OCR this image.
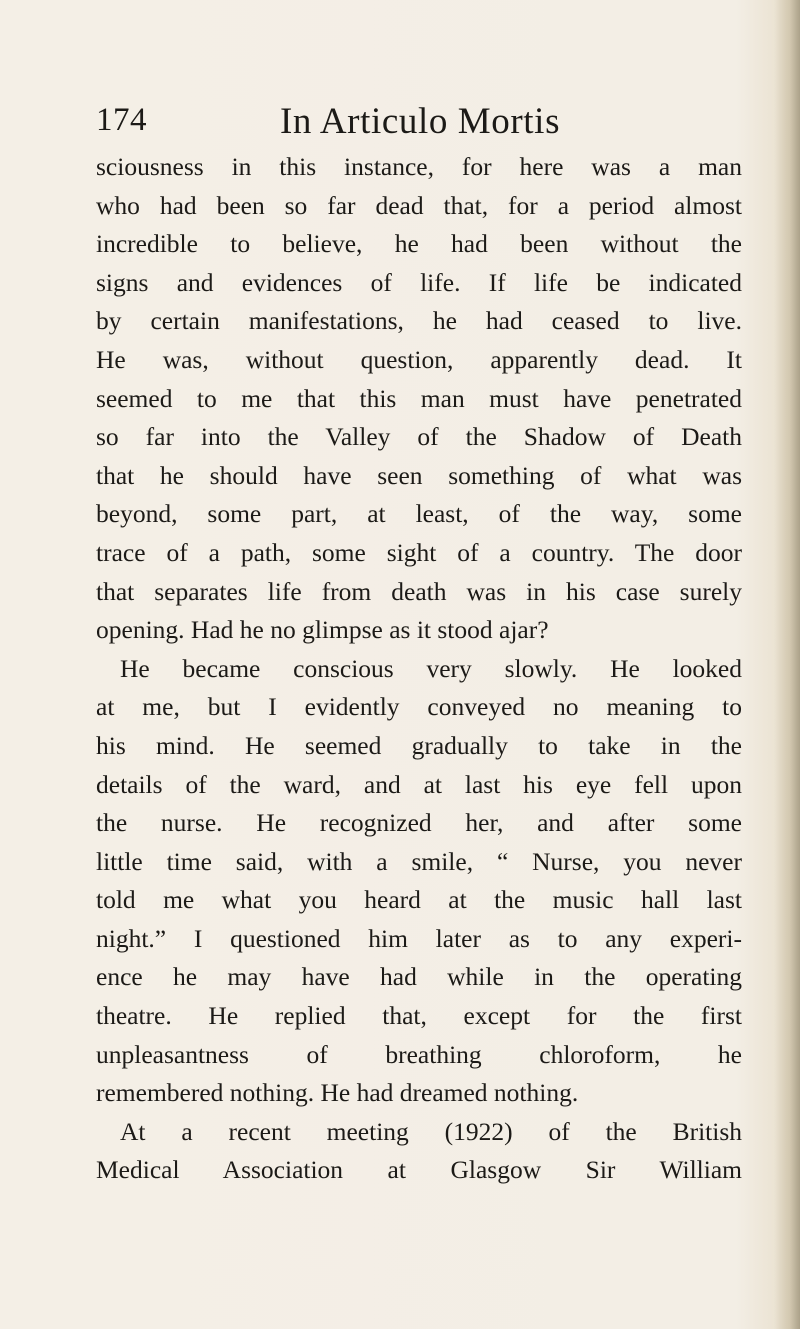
174	In Articulo Mortis
sciousness in this instance, for here was a man
who had been so far dead that, for a period almost
incredible to believe, he had been without the
signs and evidences of life. If life be indicated
by certain manifestations, he had ceased to live.
He was, without question, apparently dead. It
seemed to me that this man must have penetrated
so far into the Valley of the Shadow of Death
that he should have seen something of what was
beyond, some part, at least, of the way, some
trace of a path, some sight of a country. The door
that separates life from death was in his case surely
opening. Had he no glimpse as it stood ajar?
He became conscious very slowly. He looked
at me, but I evidently conveyed no meaning to
his mind. He seemed gradually to take in the
details of the ward, and at last his eye fell upon
the nurse. He recognized her, and after some
little time said, with a smile, “ Nurse, you never
told me what you heard at the music hall last
night.” I questioned him later as to any experi-
ence he may have had while in the operating
theatre. He replied that, except for the first
unpleasantness of breathing chloroform, he
remembered nothing. He had dreamed nothing.
At a recent meeting (1922) of the British
Medical Association at Glasgow Sir William
